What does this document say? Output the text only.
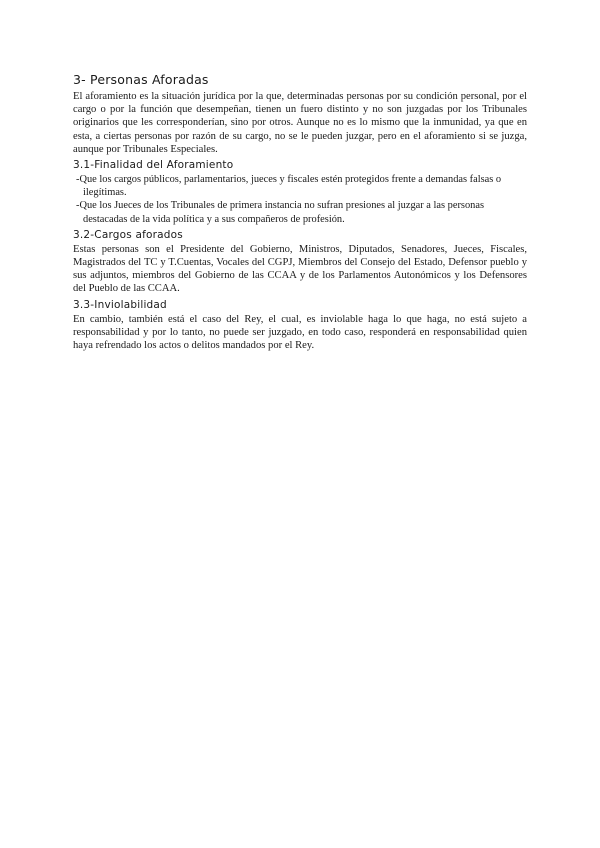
3- Personas Aforadas

El aforamiento es la situación jurídica por la que, determinadas personas por su condición personal, por el cargo o por la función que desempeñan, tienen un fuero distinto y no son juzgadas por los Tribunales originarios que les corresponderían, sino por otros. Aunque no es lo mismo que la inmunidad, ya que en esta, a ciertas personas por razón de su cargo, no se le pueden juzgar, pero en el aforamiento si se juzga, aunque por Tribunales Especiales.

3.1-Finalidad del Aforamiento

-Que los cargos públicos, parlamentarios, jueces y fiscales estén protegidos frente a demandas falsas o ilegítimas.

-Que los Jueces de los Tribunales de primera instancia no sufran presiones al juzgar a las personas destacadas de la vida política y a sus compañeros de profesión.

3.2-Cargos aforados

Estas personas son el Presidente del Gobierno, Ministros, Diputados, Senadores, Jueces, Fiscales, Magistrados del TC y T.Cuentas, Vocales del CGPJ, Miembros del Consejo del Estado, Defensor pueblo y sus adjuntos, miembros del Gobierno de las CCAA y de los Parlamentos Autonómicos y los Defensores del Pueblo de las CCAA.

3.3-Inviolabilidad

En cambio, también está el caso del Rey, el cual, es inviolable haga lo que haga, no está sujeto a responsabilidad y por lo tanto, no puede ser juzgado, en todo caso, responderá en responsabilidad quien haya refrendado los actos o delitos mandados por el Rey.
